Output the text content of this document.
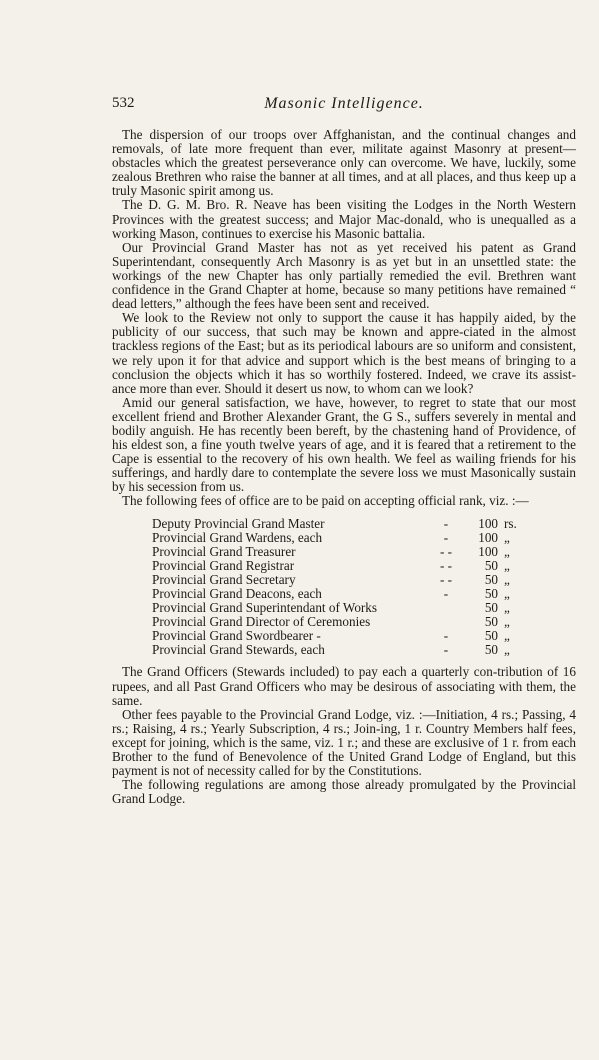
532	Masonic Intelligence.

The dispersion of our troops over Affghanistan, and the continual changes and removals, of late more frequent than ever, militate against Masonry at present—obstacles which the greatest perseverance only can overcome. We have, luckily, some zealous Brethren who raise the banner at all times, and at all places, and thus keep up a truly Masonic spirit among us.

The D. G. M. Bro. R. Neave has been visiting the Lodges in the North Western Provinces with the greatest success; and Major Mac-donald, who is unequalled as a working Mason, continues to exercise his Masonic battalia.

Our Provincial Grand Master has not as yet received his patent as Grand Superintendant, consequently Arch Masonry is as yet but in an unsettled state: the workings of the new Chapter has only partially remedied the evil. Brethren want confidence in the Grand Chapter at home, because so many petitions have remained “ dead letters,” although the fees have been sent and received.

We look to the Review not only to support the cause it has happily aided, by the publicity of our success, that such may be known and appre-ciated in the almost trackless regions of the East; but as its periodical labours are so uniform and consistent, we rely upon it for that advice and support which is the best means of bringing to a conclusion the objects which it has so worthily fostered. Indeed, we crave its assist-ance more than ever. Should it desert us now, to whom can we look?

Amid our general satisfaction, we have, however, to regret to state that our most excellent friend and Brother Alexander Grant, the G S., suffers severely in mental and bodily anguish. He has recently been bereft, by the chastening hand of Providence, of his eldest son, a fine youth twelve years of age, and it is feared that a retirement to the Cape is essential to the recovery of his own health. We feel as wailing friends for his sufferings, and hardly dare to contemplate the severe loss we must Masonically sustain by his secession from us.

The following fees of office are to be paid on accepting official rank, viz. :—

Deputy Provincial Grand Master	-	100	rs.
Provincial Grand Wardens, each	-	100	„
Provincial Grand Treasurer	- -	100	„
Provincial Grand Registrar	- -	50	„
Provincial Grand Secretary	- -	50	„
Provincial Grand Deacons, each	-	50	„
Provincial Grand Superintendant of Works		50	„
Provincial Grand Director of Ceremonies		50	„
Provincial Grand Swordbearer -	-	50	„
Provincial Grand Stewards, each	-	50	„

The Grand Officers (Stewards included) to pay each a quarterly con-tribution of 16 rupees, and all Past Grand Officers who may be desirous of associating with them, the same.

Other fees payable to the Provincial Grand Lodge, viz. :—Initiation, 4 rs.; Passing, 4 rs.; Raising, 4 rs.; Yearly Subscription, 4 rs.; Join-ing, 1 r. Country Members half fees, except for joining, which is the same, viz. 1 r.; and these are exclusive of 1 r. from each Brother to the fund of Benevolence of the United Grand Lodge of England, but this payment is not of necessity called for by the Constitutions.

The following regulations are among those already promulgated by the Provincial Grand Lodge.
